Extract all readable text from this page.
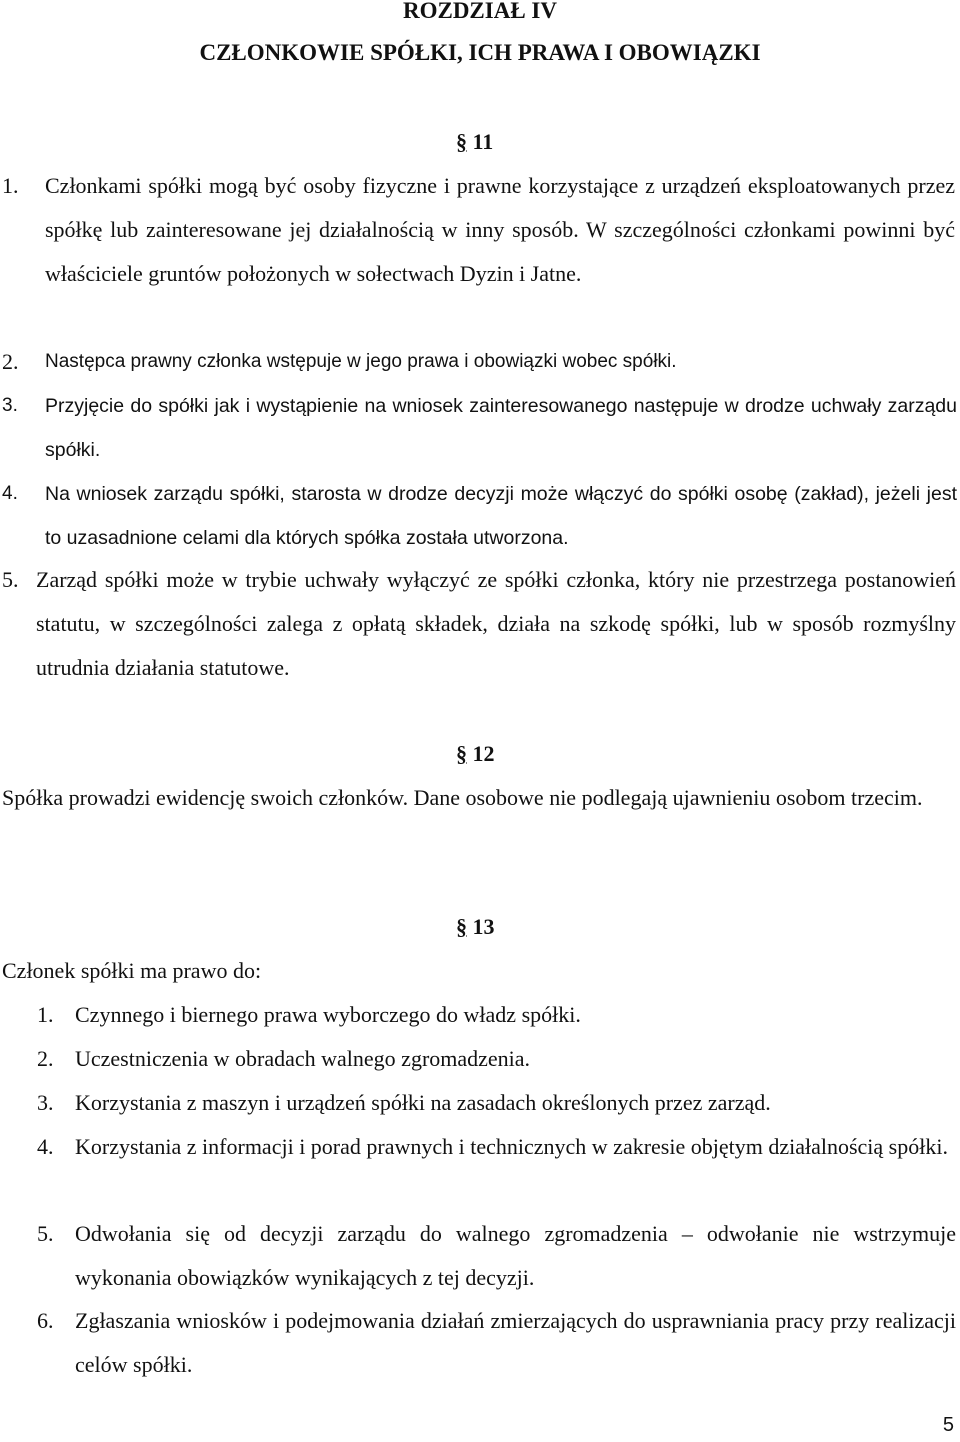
ROZDZIAŁ IV
CZŁONKOWIE SPÓŁKI, ICH PRAWA I OBOWIĄZKI
§ 11
1. Członkami spółki mogą być osoby fizyczne i prawne korzystające z urządzeń eksploatowanych przez spółkę lub zainteresowane jej działalnością w inny sposób. W szczególności członkami powinni być właściciele gruntów położonych w sołectwach Dyzin i Jatne.
2. Następca prawny członka wstępuje w jego prawa i obowiązki wobec spółki.
3. Przyjęcie do spółki jak i wystąpienie na wniosek zainteresowanego następuje w drodze uchwały zarządu spółki.
4. Na wniosek zarządu spółki, starosta w drodze decyzji może włączyć do spółki osobę (zakład), jeżeli jest to uzasadnione celami dla których spółka została utworzona.
5. Zarząd spółki może w trybie uchwały wyłączyć ze spółki członka, który nie przestrzega postanowień statutu, w szczególności zalega z opłatą składek, działa na szkodę spółki, lub w sposób rozmyślny utrudnia działania statutowe.
§ 12
Spółka prowadzi ewidencję swoich członków. Dane osobowe nie podlegają ujawnieniu osobom trzecim.
§ 13
Członek spółki ma prawo do:
1. Czynnego i biernego prawa wyborczego do władz spółki.
2. Uczestniczenia w obradach walnego zgromadzenia.
3. Korzystania z maszyn i urządzeń spółki na zasadach określonych przez zarząd.
4. Korzystania z informacji i porad prawnych i technicznych w zakresie objętym działalnością spółki.
5. Odwołania się od decyzji zarządu do walnego zgromadzenia – odwołanie nie wstrzymuje wykonania obowiązków wynikających z tej decyzji.
6. Zgłaszania wniosków i podejmowania działań zmierzających do usprawniania pracy przy realizacji celów spółki.
5
